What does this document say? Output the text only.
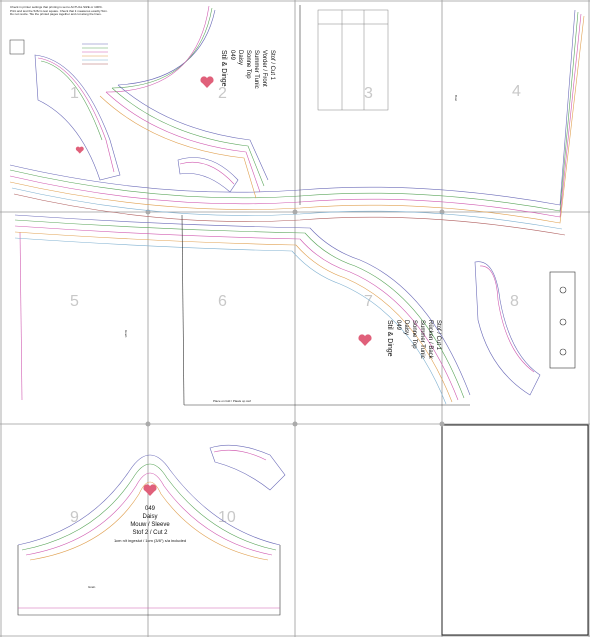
Check in printer settings that printing is set to ACTUAL SIZE or 100%.
Print and test the 5x5cm test square. Check that it measures exactly 5cm.
Do not resize. Tile the printed pages together and cut along the lines.
1	2	3	4
5	6	7	8
9	10
Stil & Dinge 049 Daisy Sonne Top Summer Tunic Vorder / Front Stof / Cut 1
Stil & Dinge 049 Daisy Sonne Top Summer Tunic Rücken / Back Stof / Cut 1
049
Daisy
Mouw / Sleeve
Stof 2 / Cut 2
1cm n/t ingeslut / 1cm (3/8") s/a included
Place on fold / Plaats op stof
Grain
Grain
Bust
